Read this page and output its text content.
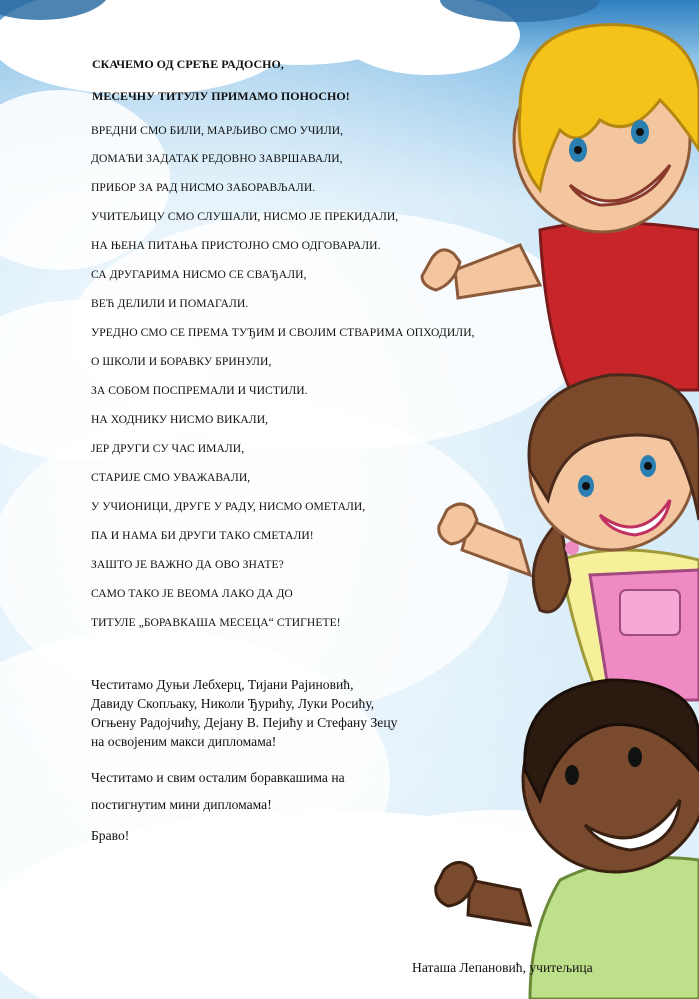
СКАЧЕМО ОД СРЕЋЕ РАДОСНО,
МЕСЕЧНУ ТИТУЛУ ПРИМАМО ПОНОСНО!
ВРЕДНИ СМО БИЛИ, МАРЉИВО СМО УЧИЛИ,
ДОМАЋИ ЗАДАТАК РЕДОВНО ЗАВРШАВАЛИ,
ПРИБОР ЗА РАД НИСМО ЗАБОРАВЉАЛИ.
УЧИТЕЉИЦУ СМО СЛУШАЛИ, НИСМО ЈЕ ПРЕКИДАЛИ,
НА ЊЕНА ПИТАЊА ПРИСТОЈНО СМО ОДГОВАРАЛИ.
СА ДРУГАРИМА НИСМО СЕ СВАЂАЛИ,
ВЕЋ ДЕЛИЛИ И ПОМАГАЛИ.
УРЕДНО СМО СЕ ПРЕМА ТУЂИМ И СВОЈИМ СТВАРИМА ОПХОДИЛИ,
О ШКОЛИ И БОРАВКУ БРИНУЛИ,
ЗА СОБОМ ПОСПРЕМАЛИ И ЧИСТИЛИ.
НА ХОДНИКУ НИСМО ВИКАЛИ,
ЈЕР ДРУГИ СУ ЧАС ИМАЛИ,
СТАРИЈЕ СМО УВАЖАВАЛИ,
У УЧИОНИЦИ, ДРУГЕ У РАДУ, НИСМО ОМЕТАЛИ,
ПА И НАМА БИ ДРУГИ ТАКО СМЕТАЛИ!
ЗАШТО ЈЕ ВАЖНО ДА ОВО ЗНАТЕ?
САМО ТАКО ЈЕ ВЕОМА ЛАКО ДА ДО
ТИТУЛЕ „БОРАВКАША МЕСЕЦА“ СТИГНЕТЕ!
Честитамо Дуњи Лебхерц, Тијани Рајиновић,
Давиду Скопљаку, Николи Ђурићу, Луки Росићу,
Огњену Радојчићу, Дејану В. Пејићу и Стефану Зецу
на освојеним макси дипломама!
Честитамо и свим осталим боравкашима на
постигнутим мини дипломама!
Браво!
Наташа Лепановић, учитељица
